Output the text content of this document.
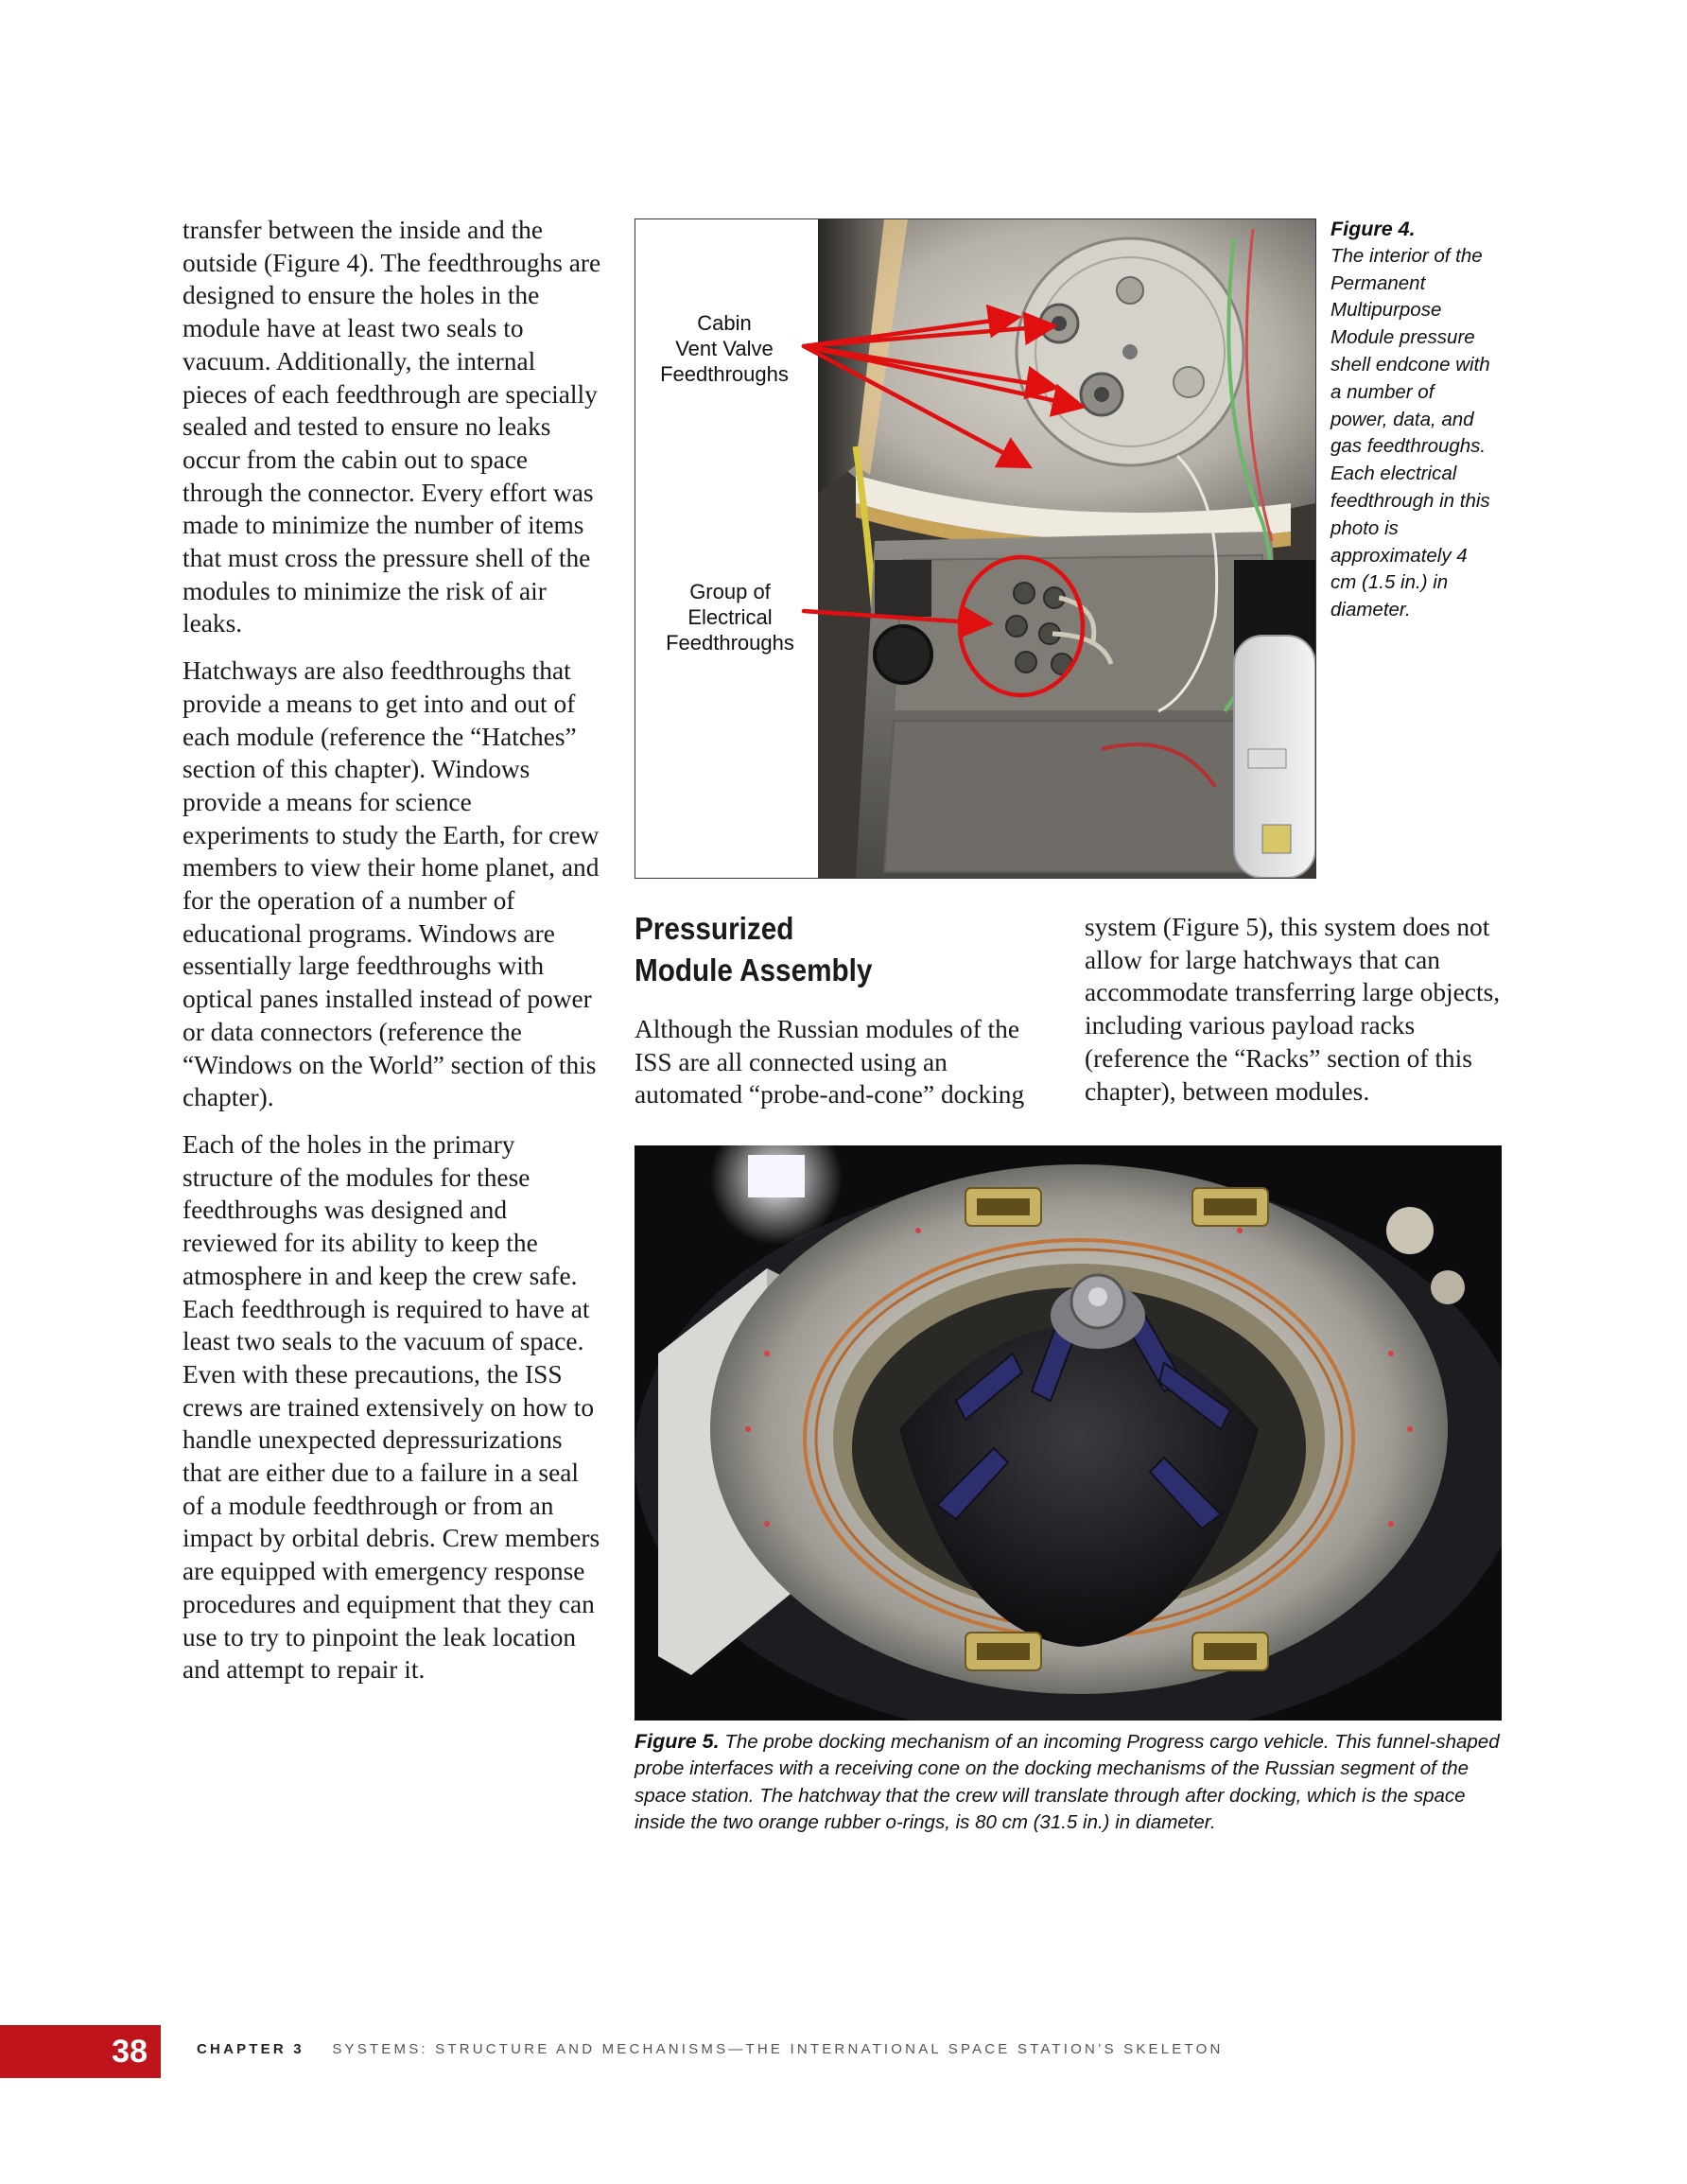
transfer between the inside and the outside (Figure 4). The feedthroughs are designed to ensure the holes in the module have at least two seals to vacuum. Additionally, the internal pieces of each feedthrough are specially sealed and tested to ensure no leaks occur from the cabin out to space through the connector. Every effort was made to minimize the number of items that must cross the pressure shell of the modules to minimize the risk of air leaks.

Hatchways are also feedthroughs that provide a means to get into and out of each module (reference the “Hatches” section of this chapter). Windows provide a means for science experiments to study the Earth, for crew members to view their home planet, and for the operation of a number of educational programs. Windows are essentially large feedthroughs with optical panes installed instead of power or data connectors (reference the “Windows on the World” section of this chapter).

Each of the holes in the primary structure of the modules for these feedthroughs was designed and reviewed for its ability to keep the atmosphere in and keep the crew safe. Each feedthrough is required to have at least two seals to the vacuum of space. Even with these precautions, the ISS crews are trained extensively on how to handle unexpected depressurizations that are either due to a failure in a seal of a module feedthrough or from an impact by orbital debris. Crew members are equipped with emergency response procedures and equipment that they can use to try to pinpoint the leak location and attempt to repair it.

Cabin
Vent Valve
Feedthroughs
Group of
Electrical
Feedthroughs
Figure 4.
The interior of the Permanent Multipurpose Module pressure shell endcone with a number of power, data, and gas feedthroughs. Each electrical feedthrough in this photo is approximately 4 cm (1.5 in.) in diameter.
Pressurized Module Assembly

Although the Russian modules of the ISS are all connected using an automated “probe-and-cone” docking

system (Figure 5), this system does not allow for large hatchways that can accommodate transferring large objects, including various payload racks (reference the “Racks” section of this chapter), between modules.

Figure 5. The probe docking mechanism of an incoming Progress cargo vehicle. This funnel-shaped probe interfaces with a receiving cone on the docking mechanisms of the Russian segment of the space station. The hatchway that the crew will translate through after docking, which is the space inside the two orange rubber o-rings, is 80 cm (31.5 in.) in diameter.
38	CHAPTER 3 SYSTEMS: STRUCTURE AND MECHANISMS—THE INTERNATIONAL SPACE STATION’S SKELETON
